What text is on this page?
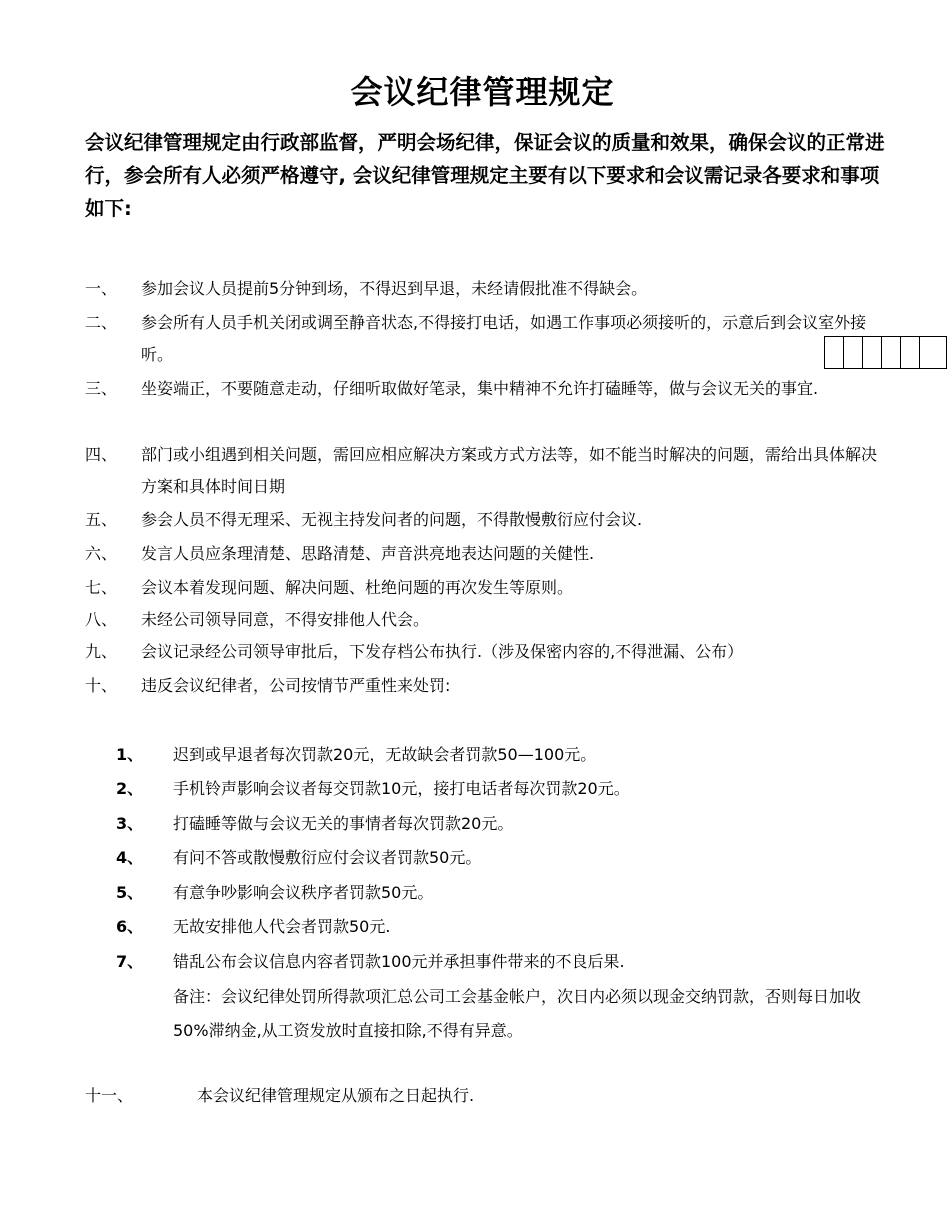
会议纪律管理规定
会议纪律管理规定由行政部监督，严明会场纪律，保证会议的质量和效果，确保会议的正常进行，参会所有人必须严格遵守, 会议纪律管理规定主要有以下要求和会议需记录各要求和事项如下:
一、	参加会议人员提前5分钟到场，不得迟到早退，未经请假批准不得缺会。
二、	参会所有人员手机关闭或调至静音状态,不得接打电话，如遇工作事项必须接听的，示意后到会议室外接听。
三、	坐姿端正，不要随意走动，仔细听取做好笔录，集中精神不允许打磕睡等，做与会议无关的事宜.
四、	部门或小组遇到相关问题，需回应相应解决方案或方式方法等，如不能当时解决的问题，需给出具体解决方案和具体时间日期
五、	参会人员不得无理采、无视主持发问者的问题，不得散慢敷衍应付会议.
六、	发言人员应条理清楚、思路清楚、声音洪亮地表达问题的关健性.
七、	会议本着发现问题、解决问题、杜绝问题的再次发生等原则。
八、	未经公司领导同意，不得安排他人代会。
九、	会议记录经公司领导审批后，下发存档公布执行.（涉及保密内容的,不得泄漏、公布）
十、	违反会议纪律者，公司按情节严重性来处罚:
1、	迟到或早退者每次罚款20元，无故缺会者罚款50—100元。
2、	手机铃声影响会议者每交罚款10元，接打电话者每次罚款20元。
3、	打磕睡等做与会议无关的事情者每次罚款20元。
4、	有问不答或散慢敷衍应付会议者罚款50元。
5、	有意争吵影响会议秩序者罚款50元。
6、	无故安排他人代会者罚款50元.
7、	错乱公布会议信息内容者罚款100元并承担事件带来的不良后果.
备注：会议纪律处罚所得款项汇总公司工会基金帐户，次日内必须以现金交纳罚款，否则每日加收50%滞纳金,从工资发放时直接扣除,不得有异意。
十一、	本会议纪律管理规定从颁布之日起执行.
